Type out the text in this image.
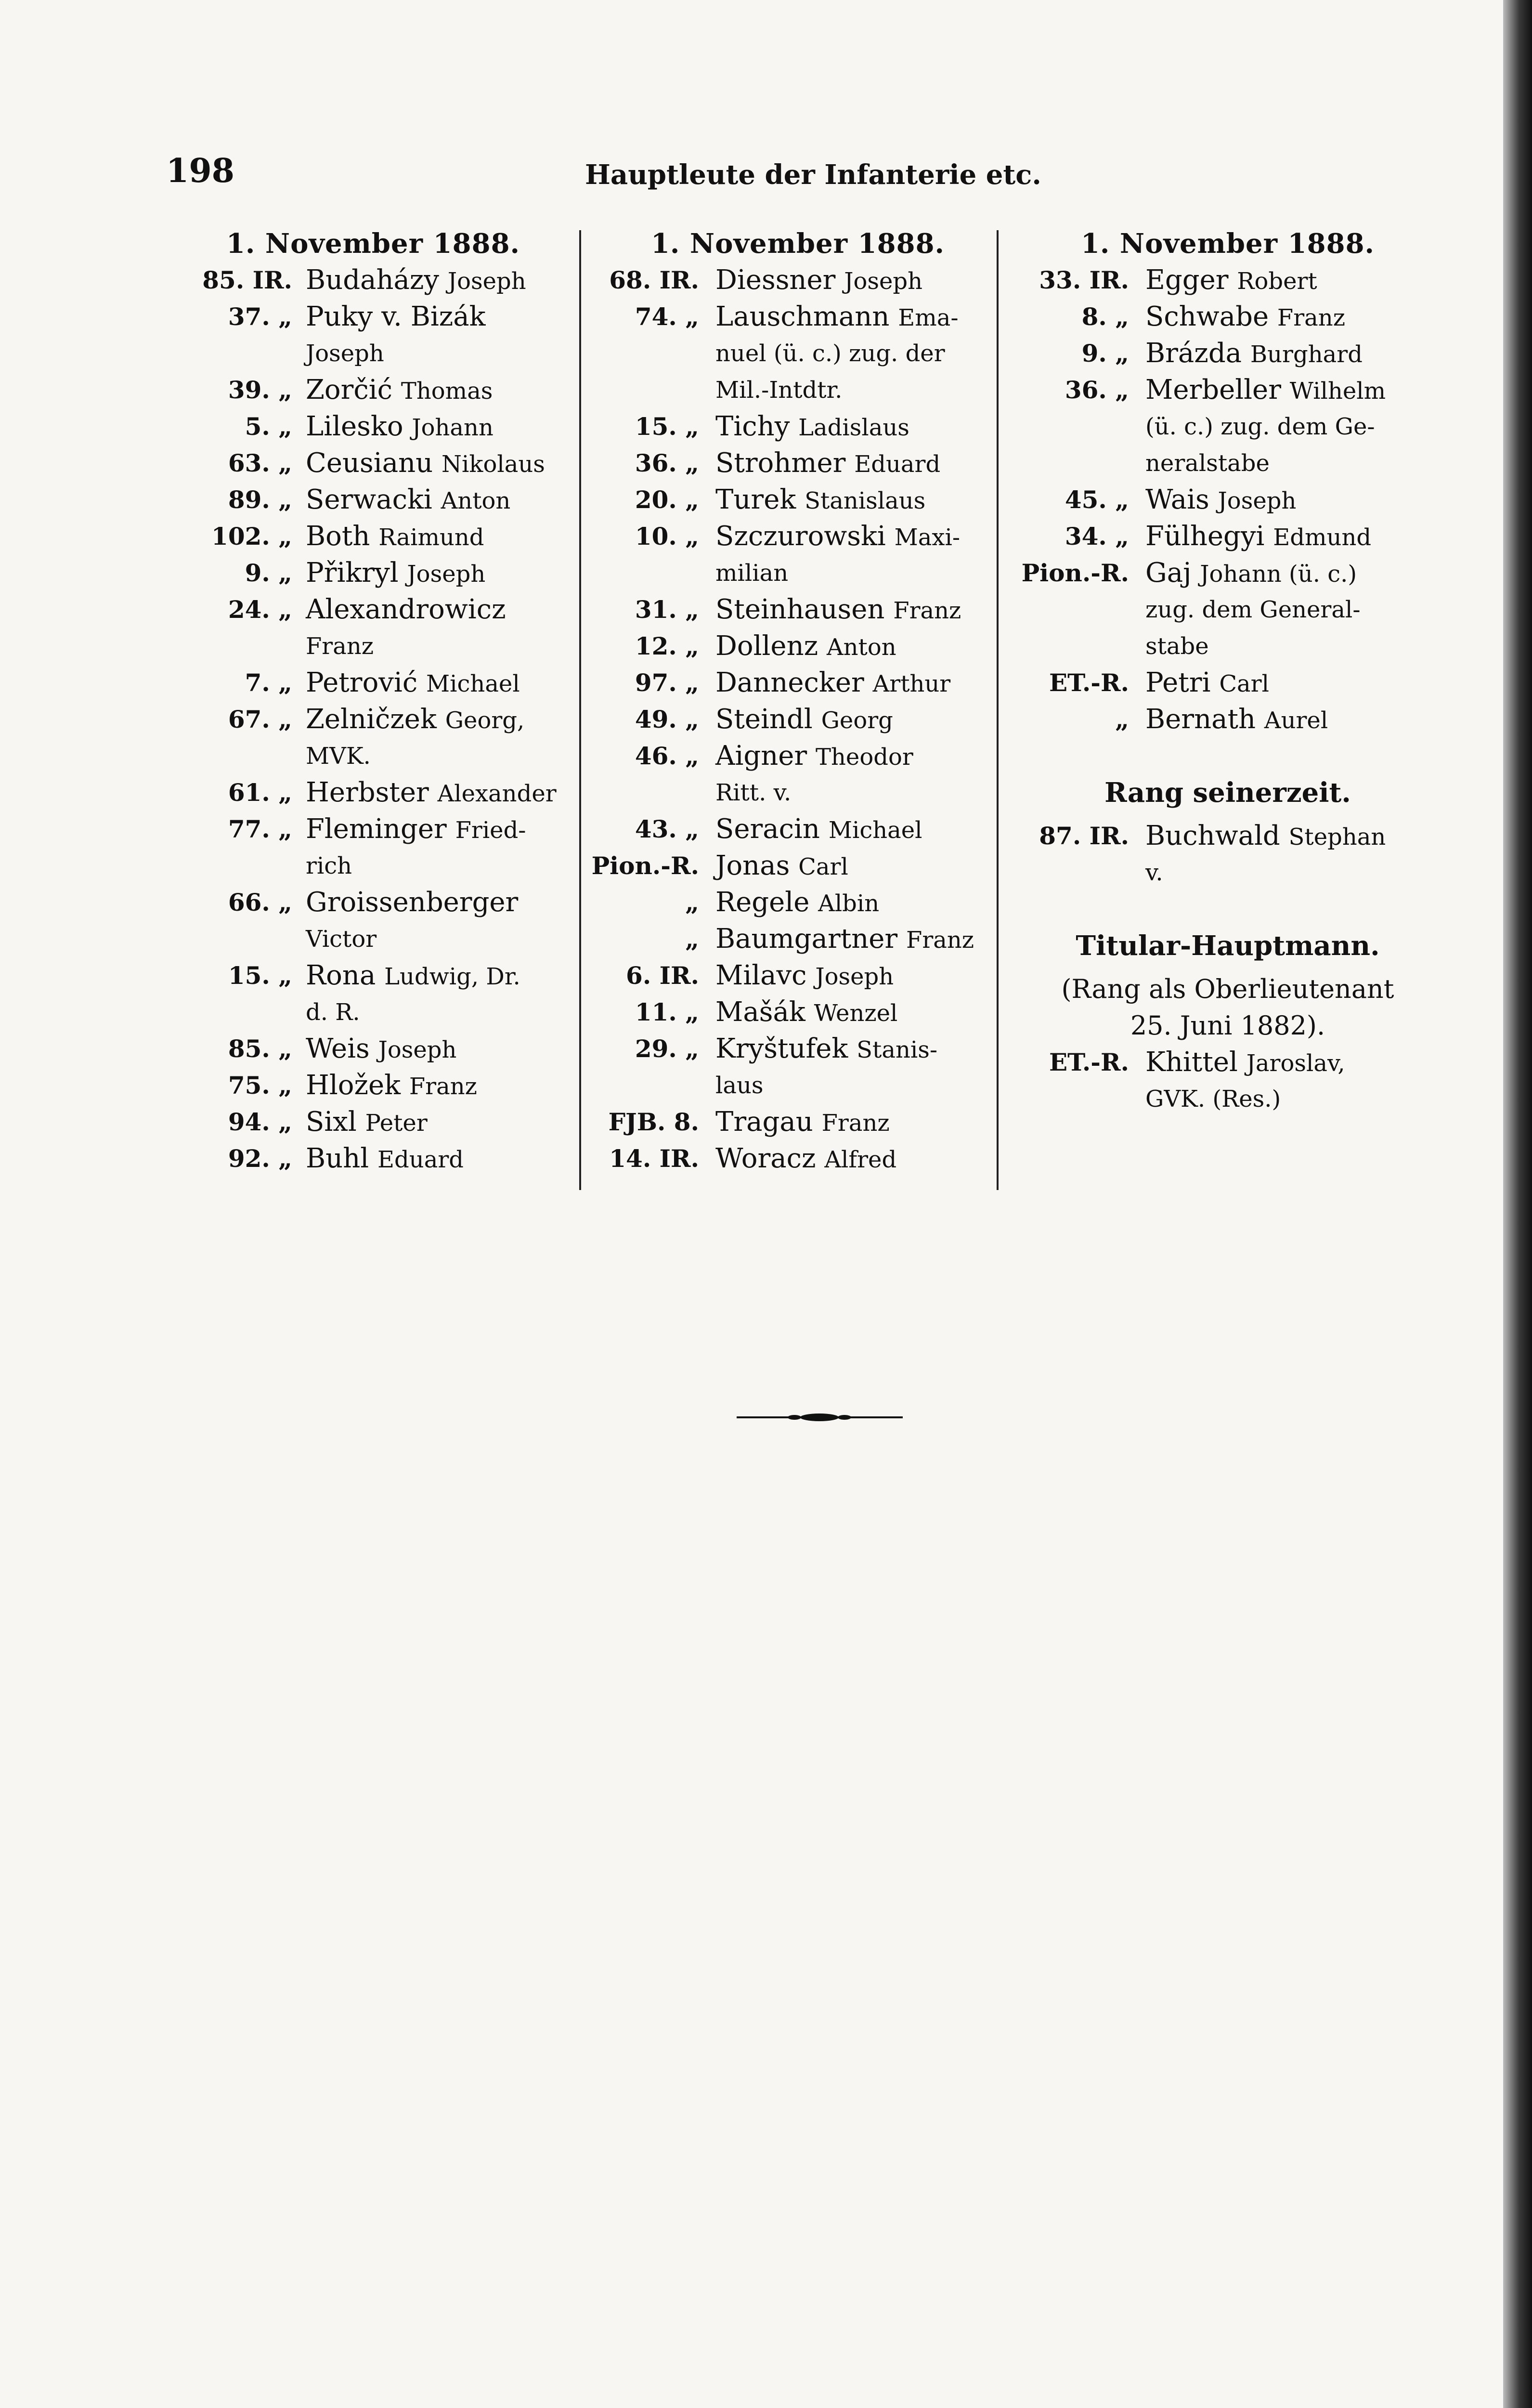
198	Hauptleute der Infanterie etc.
1. November 1888.
85. IR. Budaházy Joseph
37. „ Puky v. Bizák
Joseph
39. „ Zorčić Thomas
5. „ Lilesko Johann
63. „ Ceusianu Nikolaus
89. „ Serwacki Anton
102. „ Both Raimund
9. „ Přikryl Joseph
24. „ Alexandrowicz
Franz
7. „ Petrović Michael
67. „ Zelničzek Georg,
MVK.
61. „ Herbster Alexander
77. „ Fleminger Fried-
rich
66. „ Groissenberger
Victor
15. „ Rona Ludwig, Dr.
d. R.
85. „ Weis Joseph
75. „ Hložek Franz
94. „ Sixl Peter
92. „ Buhl Eduard
1. November 1888.
68. IR. Diessner Joseph
74. „ Lauschmann Ema-
nuel (ü. c.) zug. der
Mil.-Intdtr.
15. „ Tichy Ladislaus
36. „ Strohmer Eduard
20. „ Turek Stanislaus
10. „ Szczurowski Maxi-
milian
31. „ Steinhausen Franz
12. „ Dollenz Anton
97. „ Dannecker Arthur
49. „ Steindl Georg
46. „ Aigner Theodor
Ritt. v.
43. „ Seracin Michael
Pion.-R. Jonas Carl
„ Regele Albin
„ Baumgartner Franz
6. IR. Milavc Joseph
11. „ Mašák Wenzel
29. „ Kryštufek Stanis-
laus
FJB. 8. Tragau Franz
14. IR. Woracz Alfred
1. November 1888.
33. IR. Egger Robert
8. „ Schwabe Franz
9. „ Brázda Burghard
36. „ Merbeller Wilhelm
(ü. c.) zug. dem Ge-
neralstabe
45. „ Wais Joseph
34. „ Fülhegyi Edmund
Pion.-R. Gaj Johann (ü. c.)
zug. dem General-
stabe
ET.-R. Petri Carl
„ Bernath Aurel
Rang seinerzeit.
87. IR. Buchwald Stephan
v.
Titular-Hauptmann.
(Rang als Oberlieutenant
25. Juni 1882).
ET.-R. Khittel Jaroslav,
GVK. (Res.)
